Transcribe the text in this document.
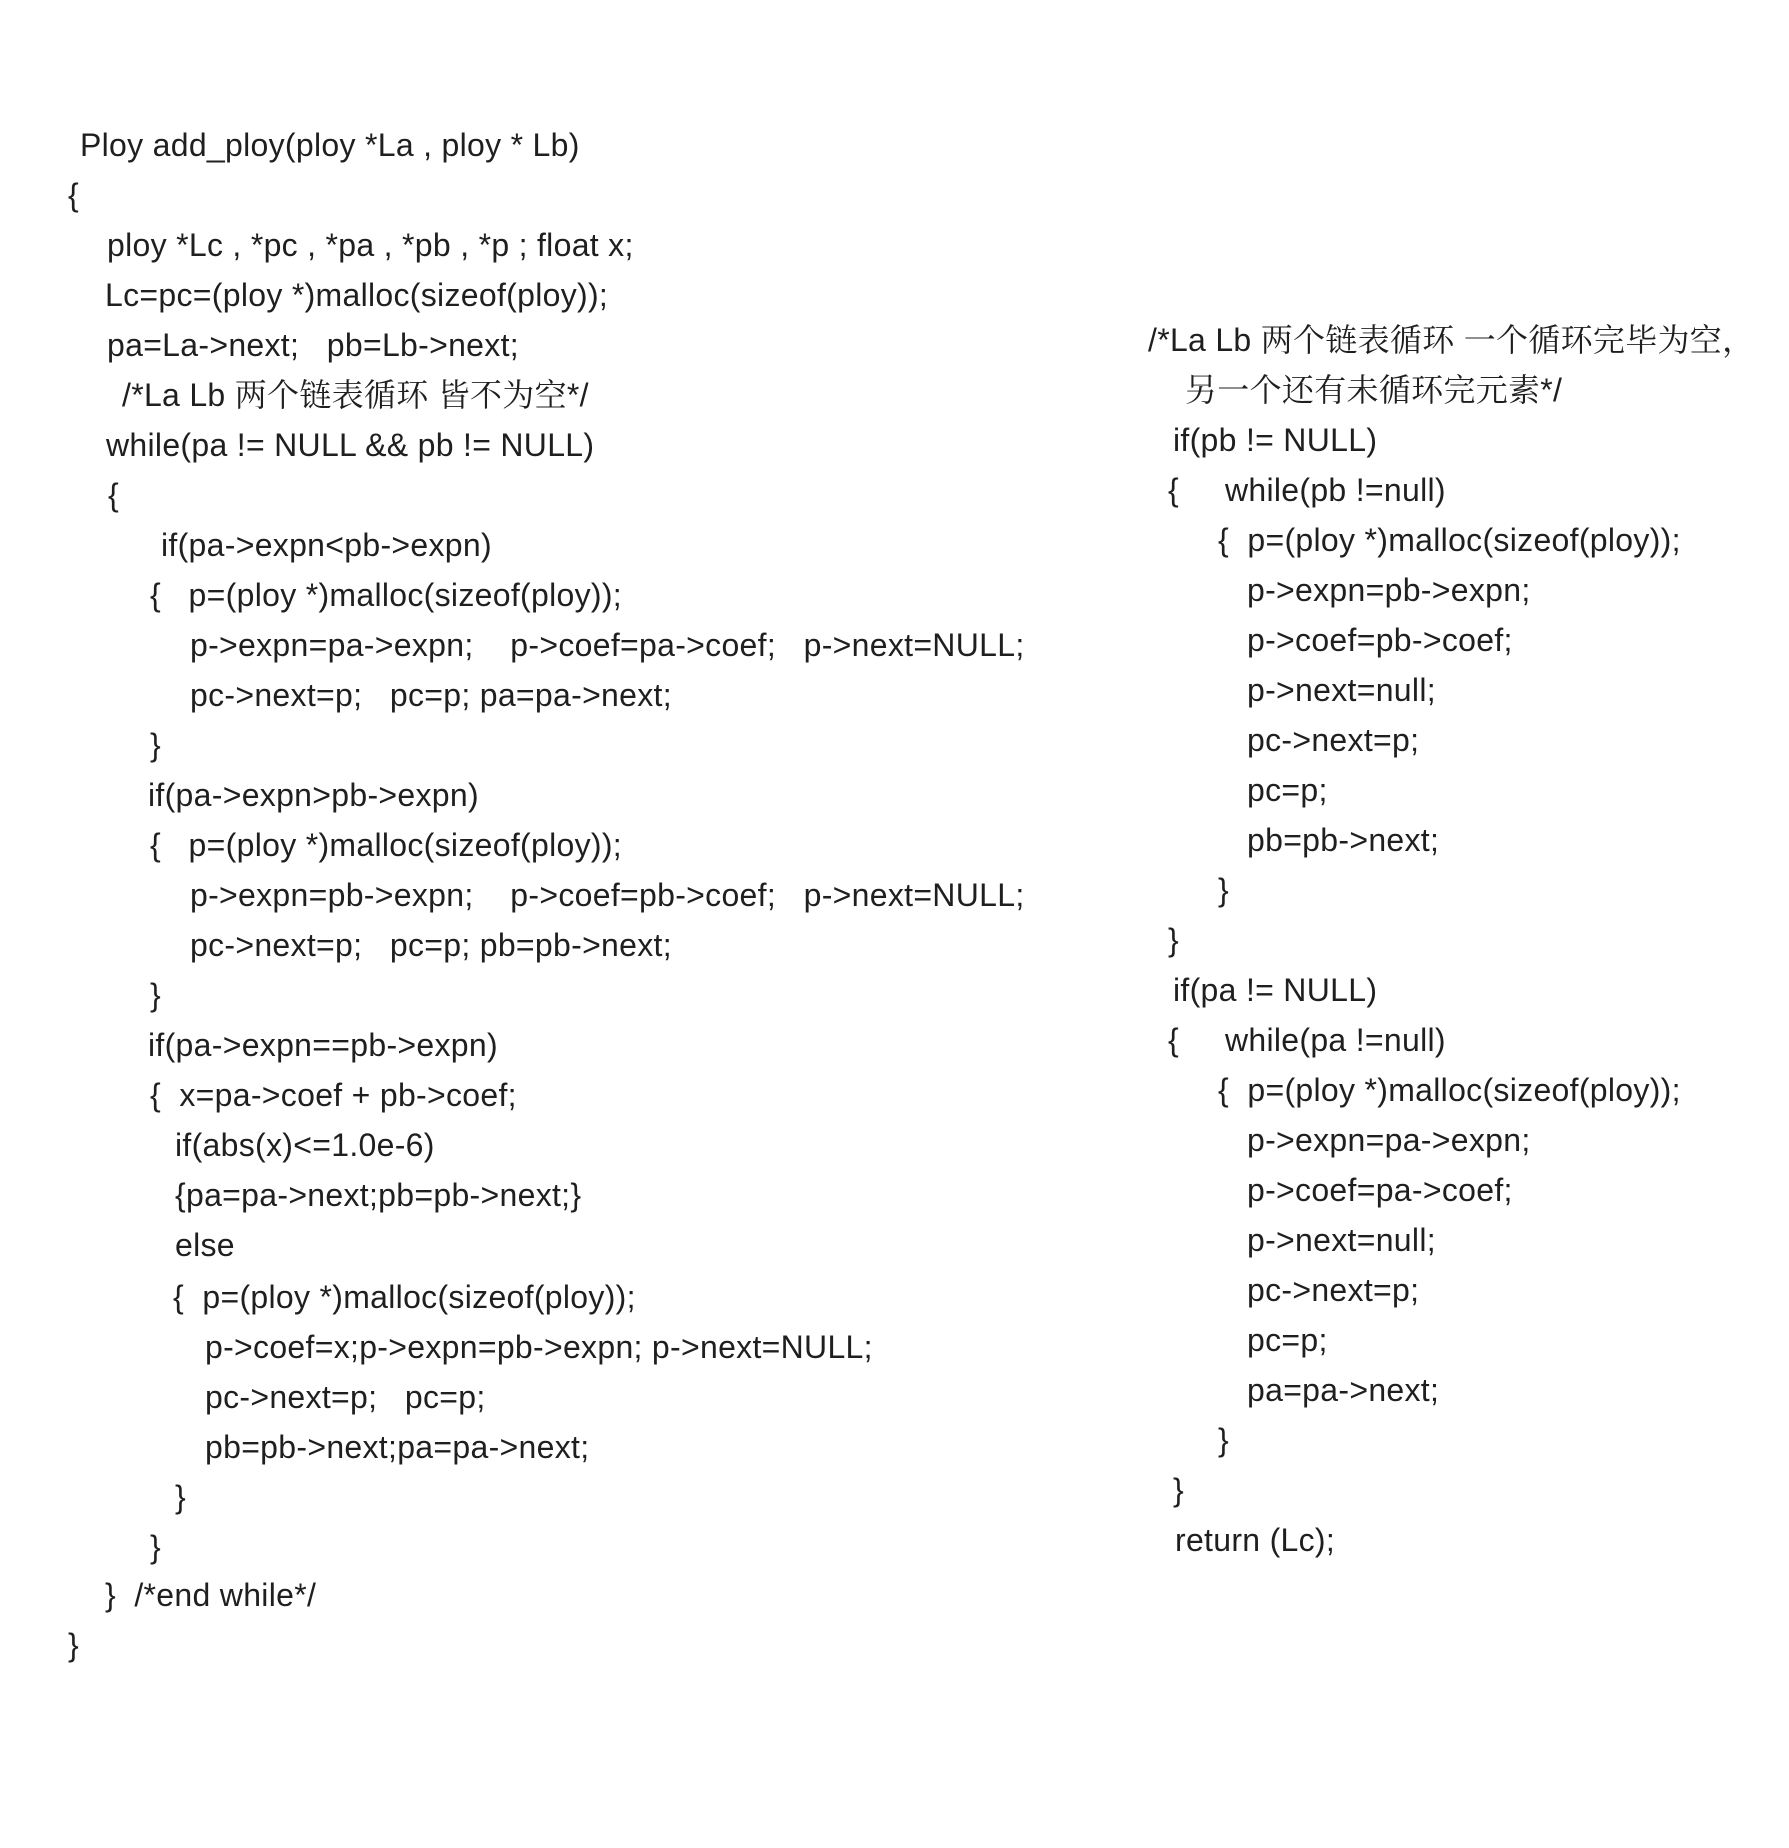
Ploy add_ploy(ploy *La , ploy * Lb)
{
ploy *Lc , *pc , *pa , *pb , *p ; float x;
Lc=pc=(ploy *)malloc(sizeof(ploy));
pa=La->next;   pb=Lb->next;
/*La Lb 两个链表循环 皆不为空*/
while(pa != NULL && pb != NULL)
{
if(pa->expn<pb->expn)
{   p=(ploy *)malloc(sizeof(ploy));
p->expn=pa->expn;    p->coef=pa->coef;   p->next=NULL;
pc->next=p;   pc=p; pa=pa->next;
}
if(pa->expn>pb->expn)
{   p=(ploy *)malloc(sizeof(ploy));
p->expn=pb->expn;    p->coef=pb->coef;   p->next=NULL;
pc->next=p;   pc=p; pb=pb->next;
}
if(pa->expn==pb->expn)
{  x=pa->coef + pb->coef;
if(abs(x)<=1.0e-6)
{pa=pa->next;pb=pb->next;}
else
{  p=(ploy *)malloc(sizeof(ploy));
p->coef=x;p->expn=pb->expn; p->next=NULL;
pc->next=p;   pc=p;
pb=pb->next;pa=pa->next;
}
}
}  /*end while*/
}
/*La Lb 两个链表循环 一个循环完毕为空，
另一个还有未循环完元素*/
if(pb != NULL)
{     while(pb !=null)
{  p=(ploy *)malloc(sizeof(ploy));
p->expn=pb->expn;
p->coef=pb->coef;
p->next=null;
pc->next=p;
pc=p;
pb=pb->next;
}
}
if(pa != NULL)
{     while(pa !=null)
{  p=(ploy *)malloc(sizeof(ploy));
p->expn=pa->expn;
p->coef=pa->coef;
p->next=null;
pc->next=p;
pc=p;
pa=pa->next;
}
}
return (Lc);
